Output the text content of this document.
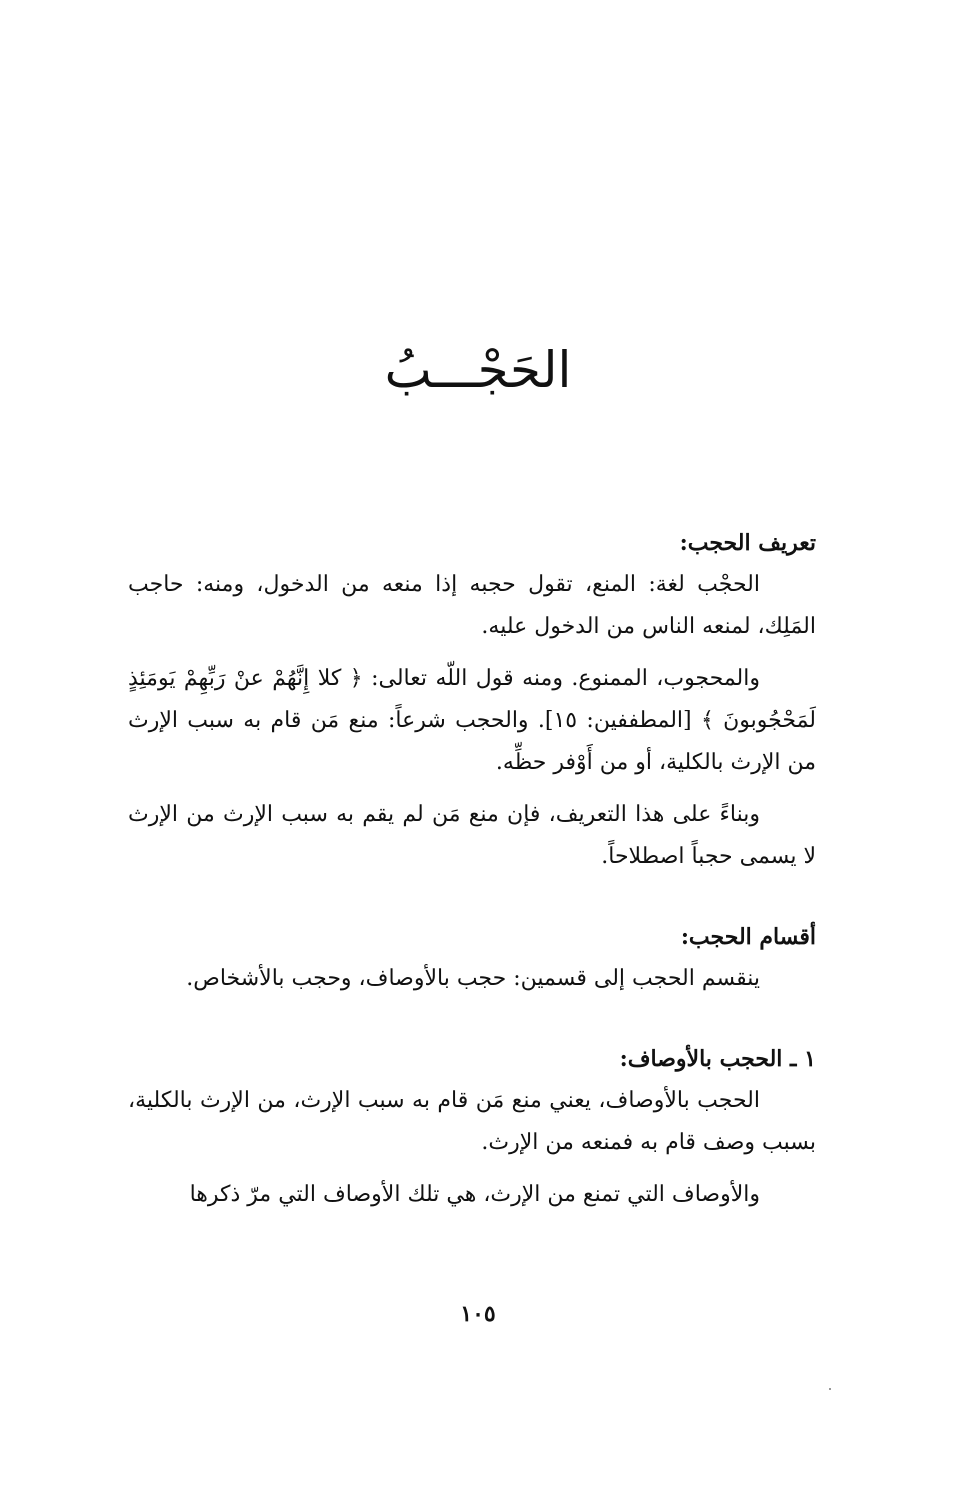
الحَجْـــبُ
تعريف الحجب:

الحجْب لغة: المنع، تقول حجبه إذا منعه من الدخول، ومنه: حاجب المَلِك، لمنعه الناس من الدخول عليه.

والمحجوب، الممنوع. ومنه قول اللّه تعالى: ﴿ كلا إِنَّهُمْ عنْ رَبِّهِمْ يَومَئِذٍ لَمَحْجُوبونَ ﴾ [المطففين: ١٥]. والحجب شرعاً: منع مَن قام به سبب الإرث من الإرث بالكلية، أو من أَوْفر حظِّه.

وبناءً على هذا التعريف، فإن منع مَن لم يقم به سبب الإرث من الإرث لا يسمى حجباً اصطلاحاً.

أقسام الحجب:

ينقسم الحجب إلى قسمين: حجب بالأوصاف، وحجب بالأشخاص.

١ ـ الحجب بالأوصاف:

الحجب بالأوصاف، يعني منع مَن قام به سبب الإرث، من الإرث بالكلية، بسبب وصف قام به فمنعه من الإرث.

والأوصاف التي تمنع من الإرث، هي تلك الأوصاف التي مرّ ذكرها

١٠٥
